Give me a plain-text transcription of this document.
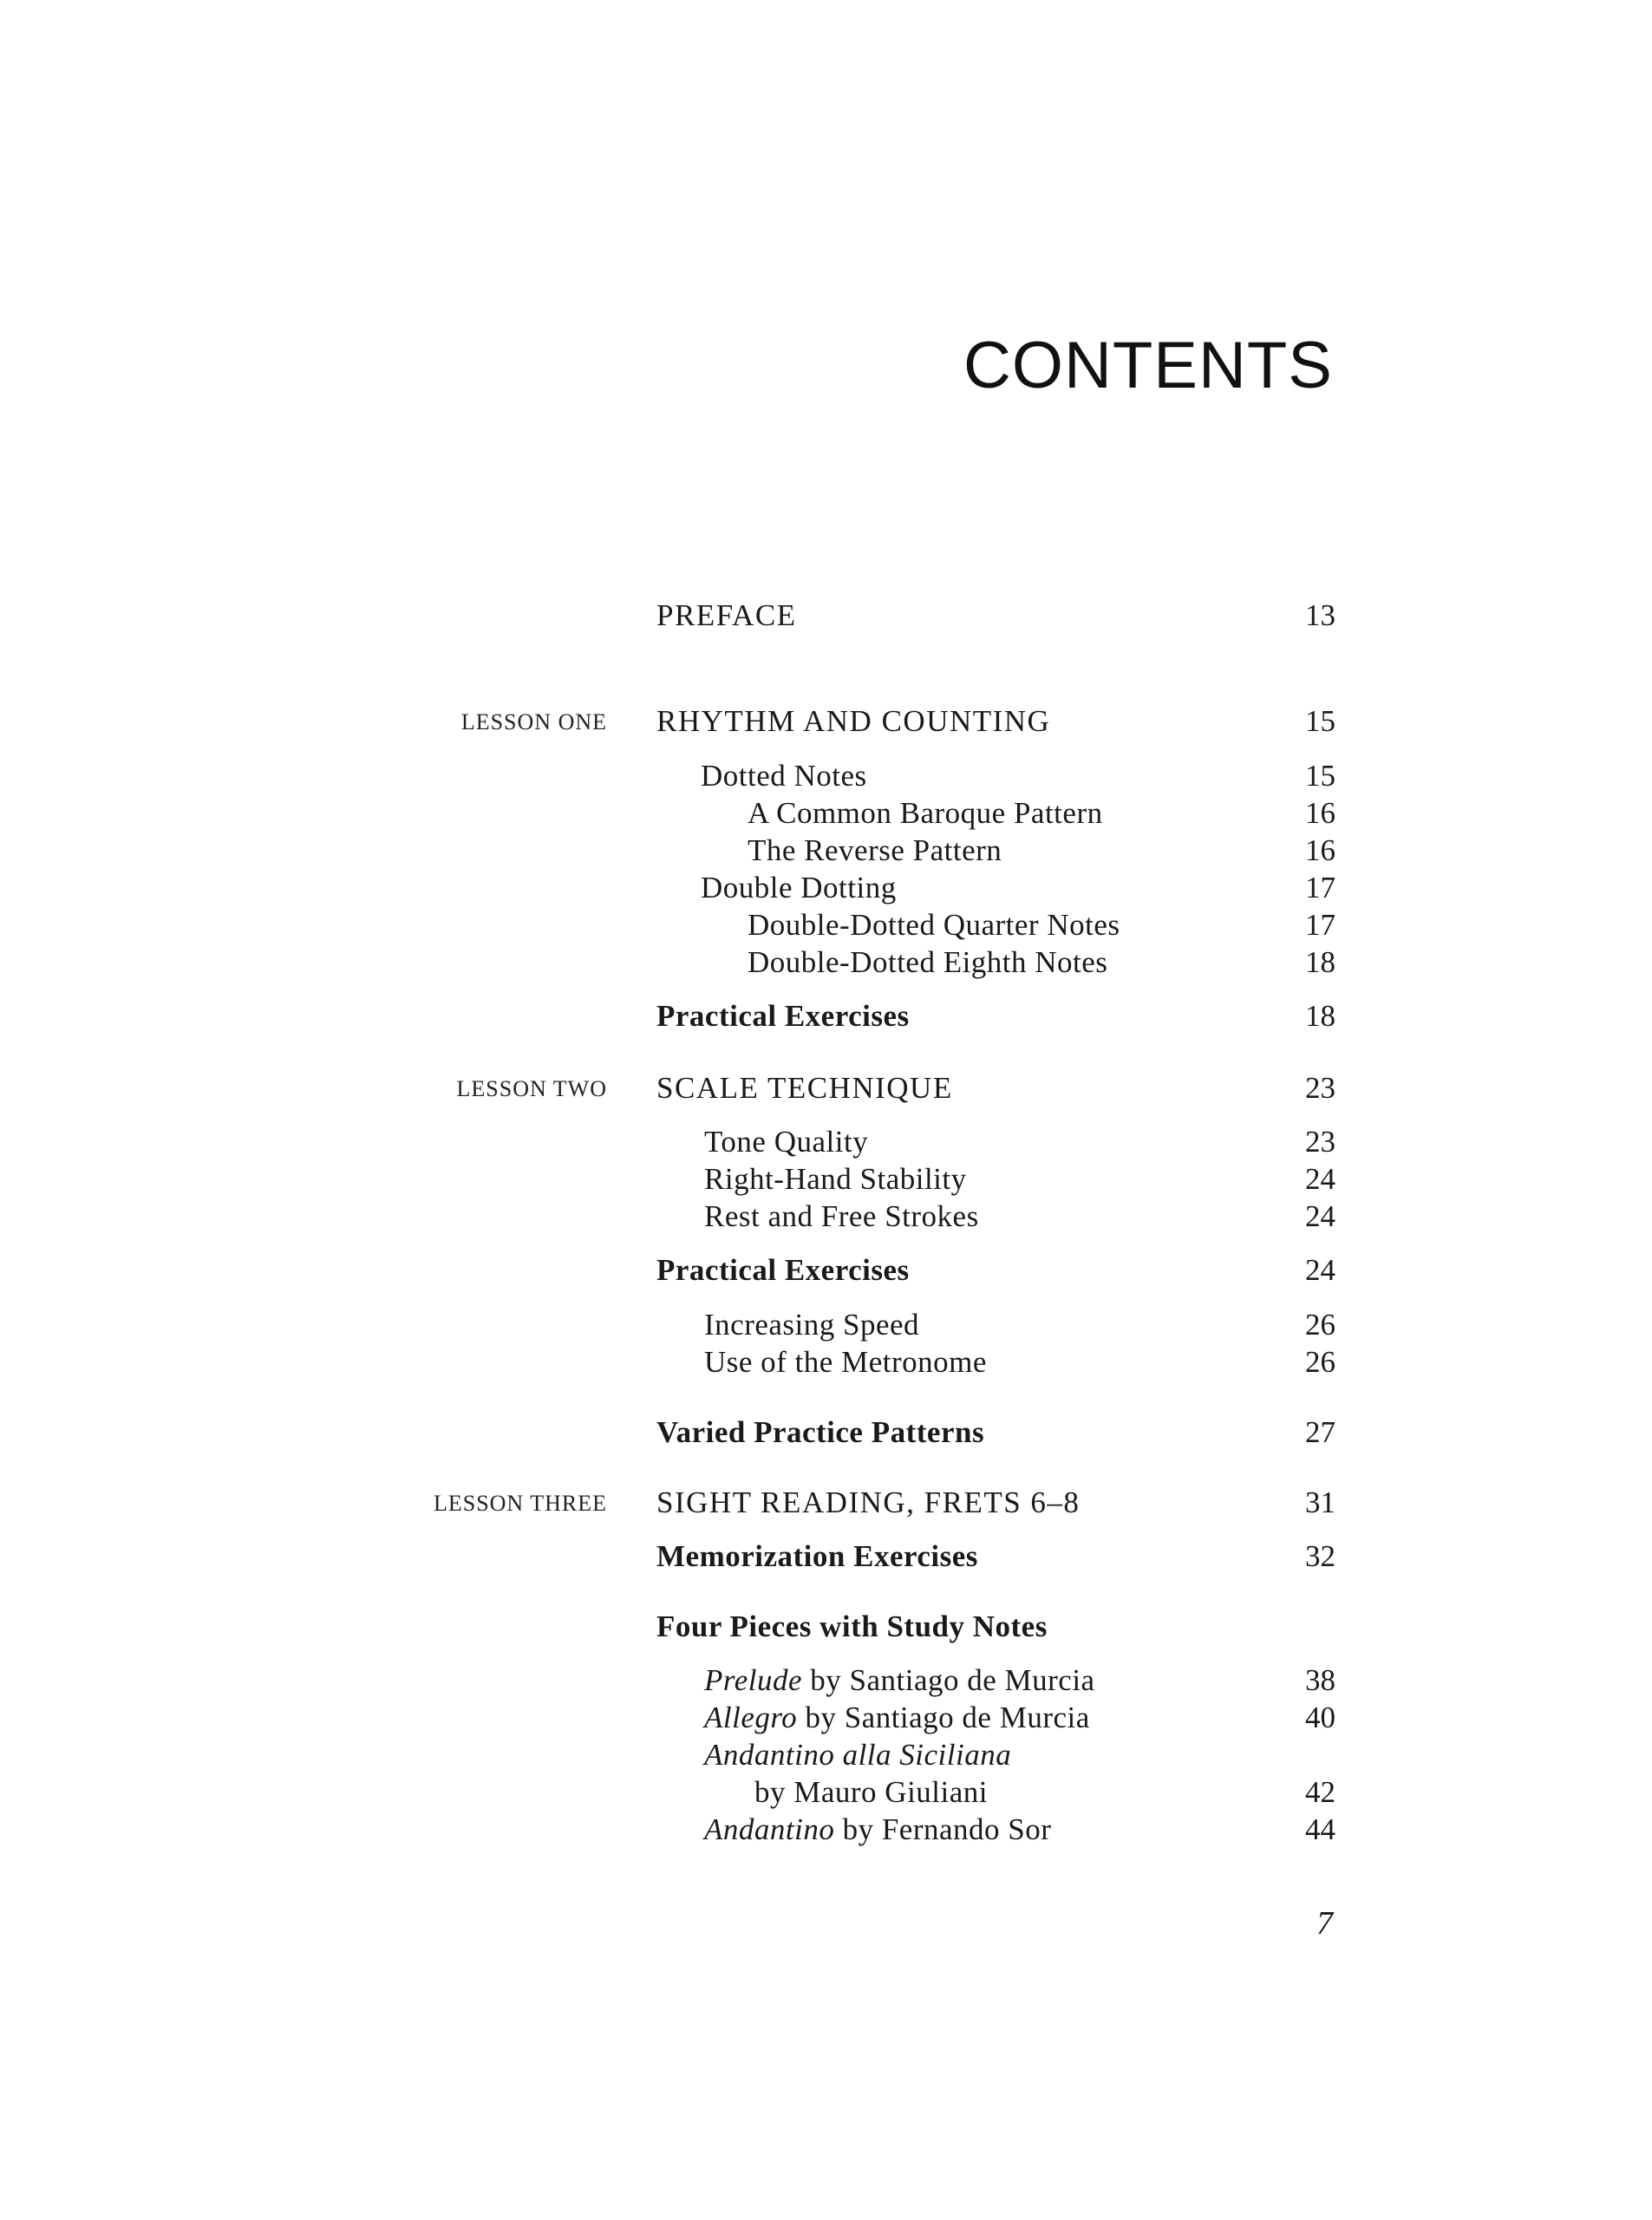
CONTENTS
PREFACE	13
LESSON ONE RHYTHM AND COUNTING	15
Dotted Notes	15
A Common Baroque Pattern	16
The Reverse Pattern	16
Double Dotting	17
Double-Dotted Quarter Notes	17
Double-Dotted Eighth Notes	18
Practical Exercises	18
LESSON TWO SCALE TECHNIQUE	23
Tone Quality	23
Right-Hand Stability	24
Rest and Free Strokes	24
Practical Exercises	24
Increasing Speed	26
Use of the Metronome	26
Varied Practice Patterns	27
LESSON THREE SIGHT READING, FRETS 6–8	31
Memorization Exercises	32
Four Pieces with Study Notes
Prelude by Santiago de Murcia	38
Allegro by Santiago de Murcia	40
Andantino alla Siciliana
by Mauro Giuliani	42
Andantino by Fernando Sor	44
7
